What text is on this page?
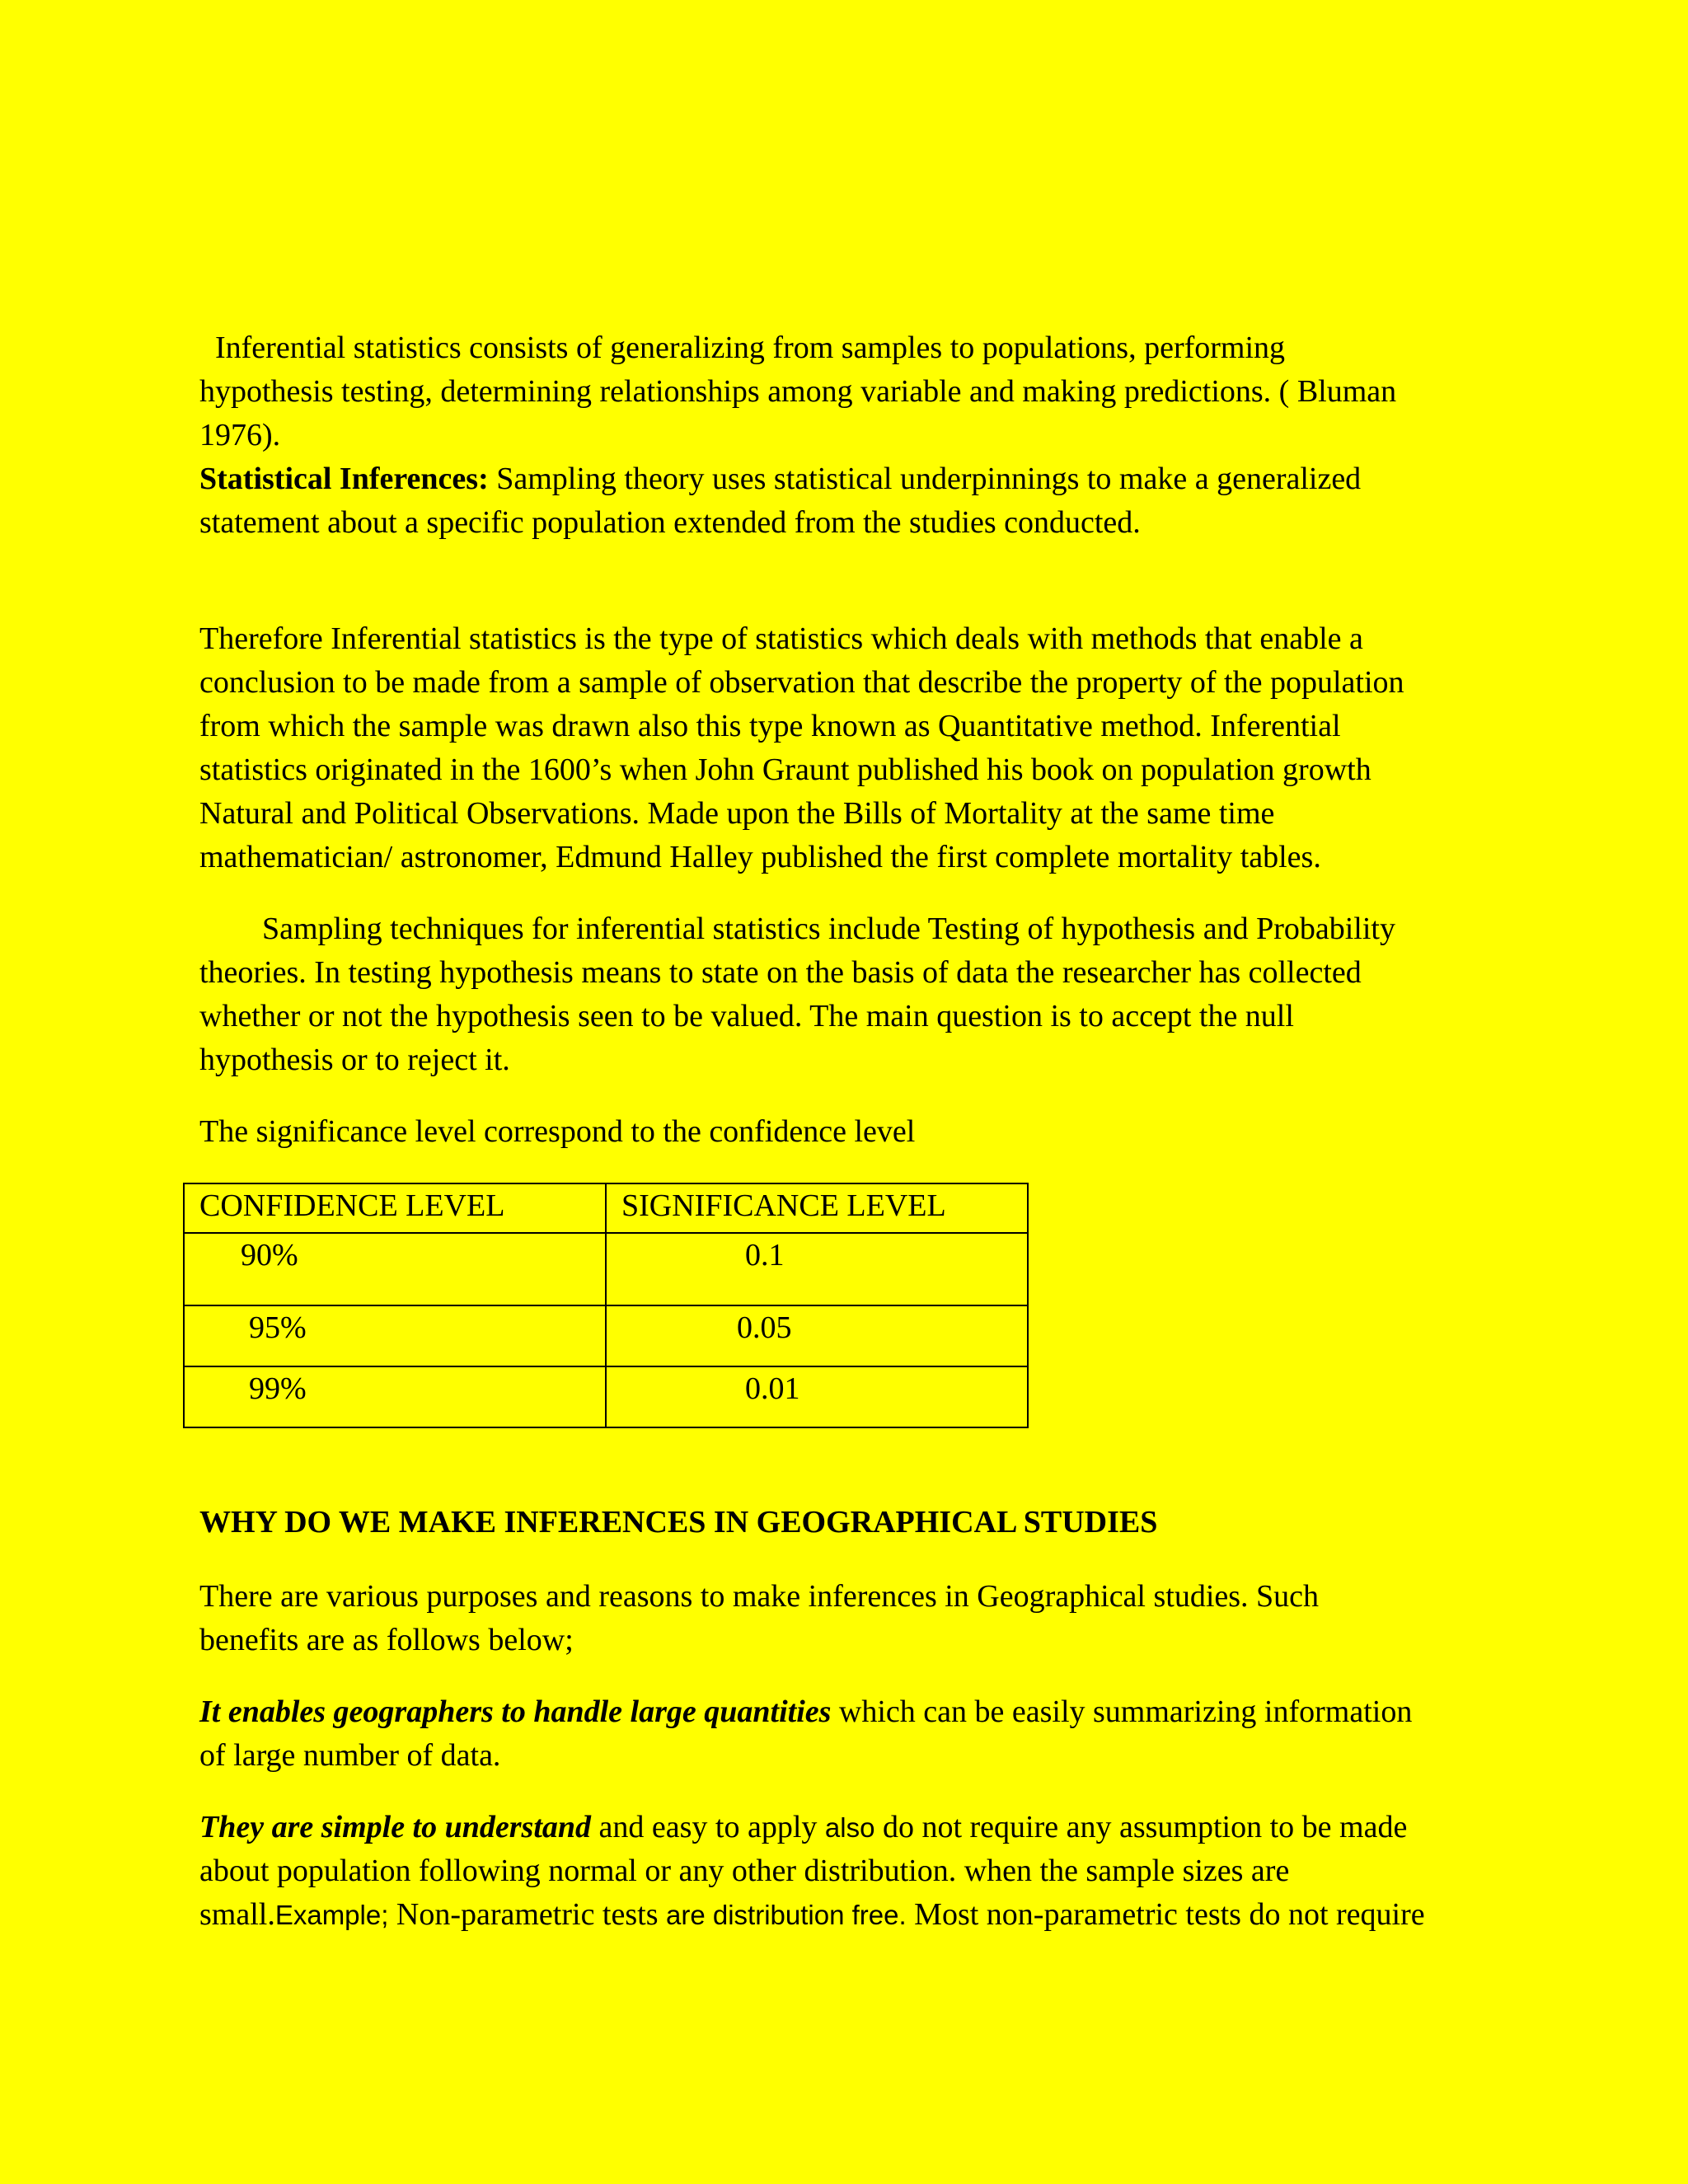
Inferential statistics consists of generalizing from samples to populations, performing
hypothesis testing, determining relationships among variable and making predictions. ( Bluman
1976).

Statistical Inferences: Sampling theory uses statistical underpinnings to make a generalized
statement about a specific population extended from the studies conducted.

Therefore Inferential statistics is the type of statistics which deals with methods that enable a
conclusion to be made from a sample of observation that describe the property of the population
from which the sample was drawn also this type known as Quantitative method. Inferential
statistics originated in the 1600’s when John Graunt published his book on population growth
Natural and Political Observations. Made upon the Bills of Mortality at the same time
mathematician/ astronomer, Edmund Halley published the first complete mortality tables.

Sampling techniques for inferential statistics include Testing of hypothesis and Probability
theories. In testing hypothesis means to state on the basis of data the researcher has collected
whether or not the hypothesis seen to be valued. The main question is to accept the null
hypothesis or to reject it.

The significance level correspond to the confidence level

CONFIDENCE LEVEL	SIGNIFICANCE LEVEL

90%	0.1

95%	0.05

99%	0.01

WHY DO WE MAKE INFERENCES IN GEOGRAPHICAL STUDIES

There are various purposes and reasons to make inferences in Geographical studies. Such
benefits are as follows below;

It enables geographers to handle large quantities which can be easily summarizing information
of large number of data.

They are simple to understand and easy to apply also do not require any assumption to be made
about population following normal or any other distribution. when the sample sizes are
small.Example; Non-parametric tests are distribution free. Most non-parametric tests do not require
